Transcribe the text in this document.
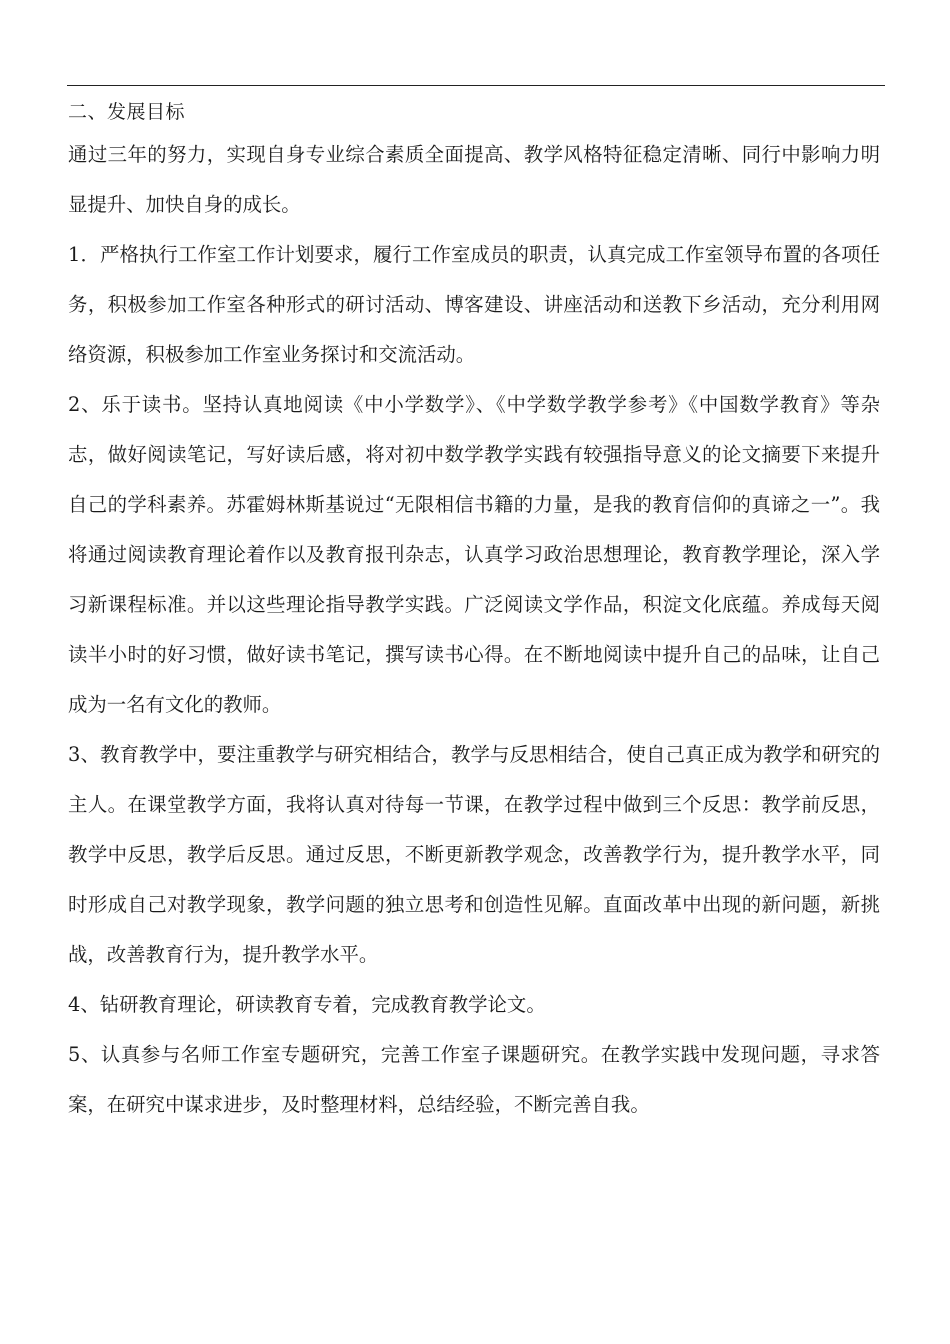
二、发展目标

通过三年的努力，实现自身专业综合素质全面提高、教学风格特征稳定清晰、同行中影响力明显提升、加快自身的成长。

1．严格执行工作室工作计划要求，履行工作室成员的职责，认真完成工作室领导布置的各项任务，积极参加工作室各种形式的研讨活动、博客建设、讲座活动和送教下乡活动，充分利用网络资源，积极参加工作室业务探讨和交流活动。

2、乐于读书。坚持认真地阅读《中小学数学》、《中学数学教学参考》《中国数学教育》等杂志，做好阅读笔记，写好读后感，将对初中数学教学实践有较强指导意义的论文摘要下来提升自己的学科素养。苏霍姆林斯基说过“无限相信书籍的力量，是我的教育信仰的真谛之一”。我将通过阅读教育理论着作以及教育报刊杂志，认真学习政治思想理论，教育教学理论，深入学习新课程标准。并以这些理论指导教学实践。广泛阅读文学作品，积淀文化底蕴。养成每天阅读半小时的好习惯，做好读书笔记，撰写读书心得。在不断地阅读中提升自己的品味，让自己成为一名有文化的教师。

3、教育教学中，要注重教学与研究相结合，教学与反思相结合，使自己真正成为教学和研究的主人。在课堂教学方面，我将认真对待每一节课，在教学过程中做到三个反思：教学前反思，教学中反思，教学后反思。通过反思，不断更新教学观念，改善教学行为，提升教学水平，同时形成自己对教学现象，教学问题的独立思考和创造性见解。直面改革中出现的新问题，新挑战，改善教育行为，提升教学水平。

4、钻研教育理论，研读教育专着，完成教育教学论文。

5、认真参与名师工作室专题研究，完善工作室子课题研究。在教学实践中发现问题，寻求答案，在研究中谋求进步，及时整理材料，总结经验，不断完善自我。
